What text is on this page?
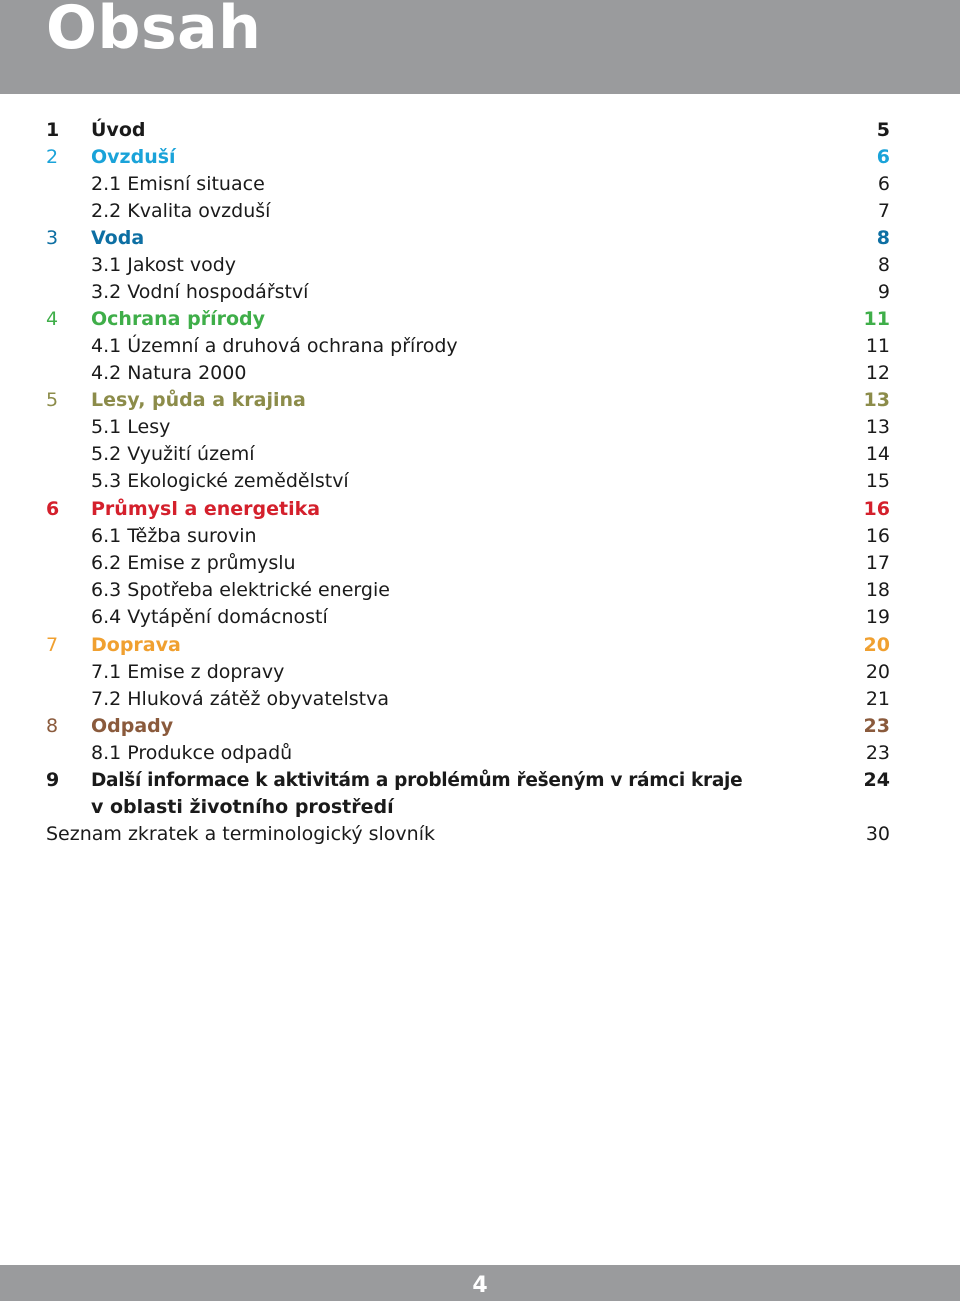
Obsah
1 Úvod	5
2 Ovzduší	6
2.1 Emisní situace	6
2.2 Kvalita ovzduší	7
3 Voda	8
3.1 Jakost vody	8
3.2 Vodní hospodářství	9
4 Ochrana přírody	11
4.1 Územní a druhová ochrana přírody	11
4.2 Natura 2000	12
5 Lesy, půda a krajina	13
5.1 Lesy	13
5.2 Využití území	14
5.3 Ekologické zemědělství	15
6 Průmysl a energetika	16
6.1 Těžba surovin	16
6.2 Emise z průmyslu	17
6.3 Spotřeba elektrické energie	18
6.4 Vytápění domácností	19
7 Doprava	20
7.1 Emise z dopravy	20
7.2 Hluková zátěž obyvatelstva	21
8 Odpady	23
8.1 Produkce odpadů	23
9 Další informace k aktivitám a problémům řešeným v rámci kraje	24
v oblasti životního prostředí
Seznam zkratek a terminologický slovník	30
4
